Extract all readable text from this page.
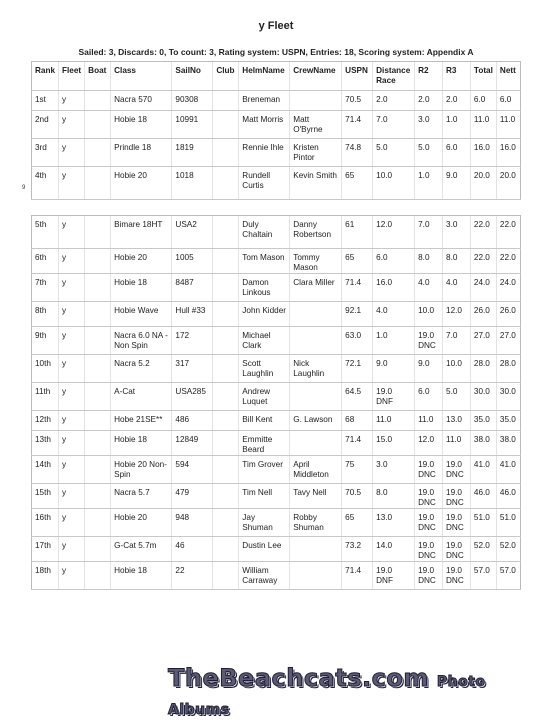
y Fleet
Sailed: 3, Discards: 0, To count: 3, Rating system: USPN, Entries: 18, Scoring system: Appendix A
9
Rank	Fleet	Boat	Class	SailNo	Club	HelmName	CrewName	USPN	Distance Race	R2	R3	Total	Nett
1st	y		Nacra 570	90308		Breneman		70.5	2.0	2.0	2.0	6.0	6.0
2nd	y		Hobie 18	10991		Matt Morris	Matt O'Byrne	71.4	7.0	3.0	1.0	11.0	11.0
3rd	y		Prindle 18	1819		Rennie Ihle	Kristen Pintor	74.8	5.0	5.0	6.0	16.0	16.0
4th	y		Hobie 20	1018		Rundell Curtis	Kevin Smith	65	10.0	1.0	9.0	20.0	20.0

5th	y		Bimare 18HT	USA2		Duly Chaltain	Danny Robertson	61	12.0	7.0	3.0	22.0	22.0
6th	y		Hobie 20	1005		Tom Mason	Tommy Mason	65	6.0	8.0	8.0	22.0	22.0
7th	y		Hobie 18	8487		Damon Linkous	Clara Miller	71.4	16.0	4.0	4.0	24.0	24.0
8th	y		Hobie Wave	Hull #33		John Kidder		92.1	4.0	10.0	12.0	26.0	26.0
9th	y		Nacra 6.0 NA - Non Spin	172		Michael Clark		63.0	1.0	19.0 DNC	7.0	27.0	27.0
10th	y		Nacra 5.2	317		Scott Laughlin	Nick Laughlin	72.1	9.0	9.0	10.0	28.0	28.0
11th	y		A-Cat	USA285		Andrew Luquet		64.5	19.0 DNF	6.0	5.0	30.0	30.0
12th	y		Hobe 21SE**	486		Bill Kent	G. Lawson	68	11.0	11.0	13.0	35.0	35.0
13th	y		Hobie 18	12849		Emmitte Beard		71.4	15.0	12.0	11.0	38.0	38.0
14th	y		Hobie 20 Non-Spin	594		Tim Grover	April Middleton	75	3.0	19.0 DNC	19.0 DNC	41.0	41.0
15th	y		Nacra 5.7	479		Tim Nell	Tavy Nell	70.5	8.0	19.0 DNC	19.0 DNC	46.0	46.0
16th	y		Hobie 20	948		Jay Shuman	Robby Shuman	65	13.0	19.0 DNC	19.0 DNC	51.0	51.0
17th	y		G-Cat 5.7m	46		Dustin Lee		73.2	14.0	19.0 DNC	19.0 DNC	52.0	52.0
18th	y		Hobie 18	22		William Carraway		71.4	19.0 DNF	19.0 DNC	19.0 DNC	57.0	57.0
TheBeachcats.com Photo Albums
